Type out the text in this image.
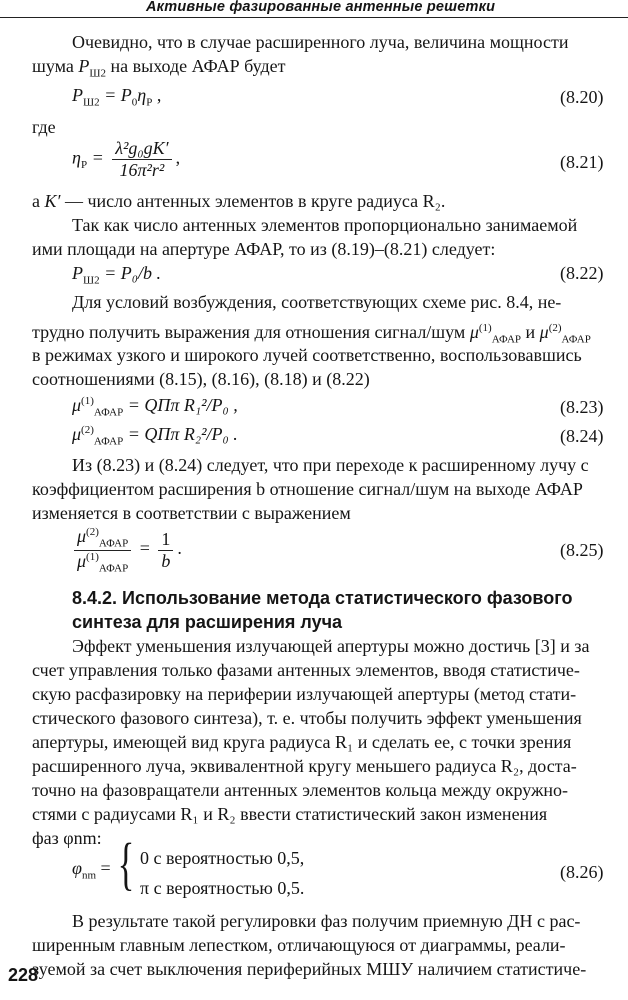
Активные фазированные антенные решетки
Очевидно, что в случае расширенного луча, величина мощности
шума $P_{Ш2}$ на выходе АФАР будет
$P_{Ш2} = P_0\eta_Р$ ,	(8.20)
где
$\eta_Р = \frac{\text{λ²g₀gK′}}{\text{16π²r²}}$ ,	(8.21)
а K′ — число антенных элементов в круге радиуса R₂.
Так как число антенных элементов пропорционально занимаемой
ими площади на апертуре АФАР, то из (8.19)–(8.21) следует:
$P_{Ш2} = P_0/b$ .	(8.22)
Для условий возбуждения, соответствующих схеме рис. 8.4, не-
трудно получить выражения для отношения сигнал/шум $\mu^{(1)}_{АФАР}$ и $\mu^{(2)}_{АФАР}$
в режимах узкого и широкого лучей соответственно, воспользовавшись
соотношениями (8.15), (8.16), (8.18) и (8.22)
$\mu^{(1)}_{АФАР} = Q\Pi\pi$ R₁²/P₀ ,	(8.23)
$\mu^{(2)}_{АФАР} = Q\Pi\pi$ R₂²/P₀ .	(8.24)
Из (8.23) и (8.24) следует, что при переходе к расширенному лучу с
коэффициентом расширения b отношение сигнал/шум на выходе АФАР
изменяется в соответствии с выражением
$\frac{\mu^{(2)}_{АФАР}}{\mu^{(1)}_{АФАР}} = \frac{1}{b}$ .	(8.25)
8.4.2. Использование метода статистического фазового
синтеза для расширения луча
Эффект уменьшения излучающей апертуры можно достичь [3] и за
счет управления только фазами антенных элементов, вводя статистиче-
скую расфазировку на периферии излучающей апертуры (метод стати-
стического фазового синтеза), т. е. чтобы получить эффект уменьшения
апертуры, имеющей вид круга радиуса R₁ и сделать ее, с точки зрения
расширенного луча, эквивалентной кругу меньшего радиуса R₂, доста-
точно на фазовращатели антенных элементов кольца между окружно-
стями с радиусами R₁ и R₂ ввести статистический закон изменения
фаз φnm:
$\varphi_{nm}$ = { 0 с вероятностью 0,5,
π с вероятностью 0,5.
(8.26)
В результате такой регулировки фаз получим приемную ДН с рас-
ширенным главным лепестком, отличающуюся от диаграммы, реали-
зуемой за счет выключения периферийных МШУ наличием статистиче-
228
